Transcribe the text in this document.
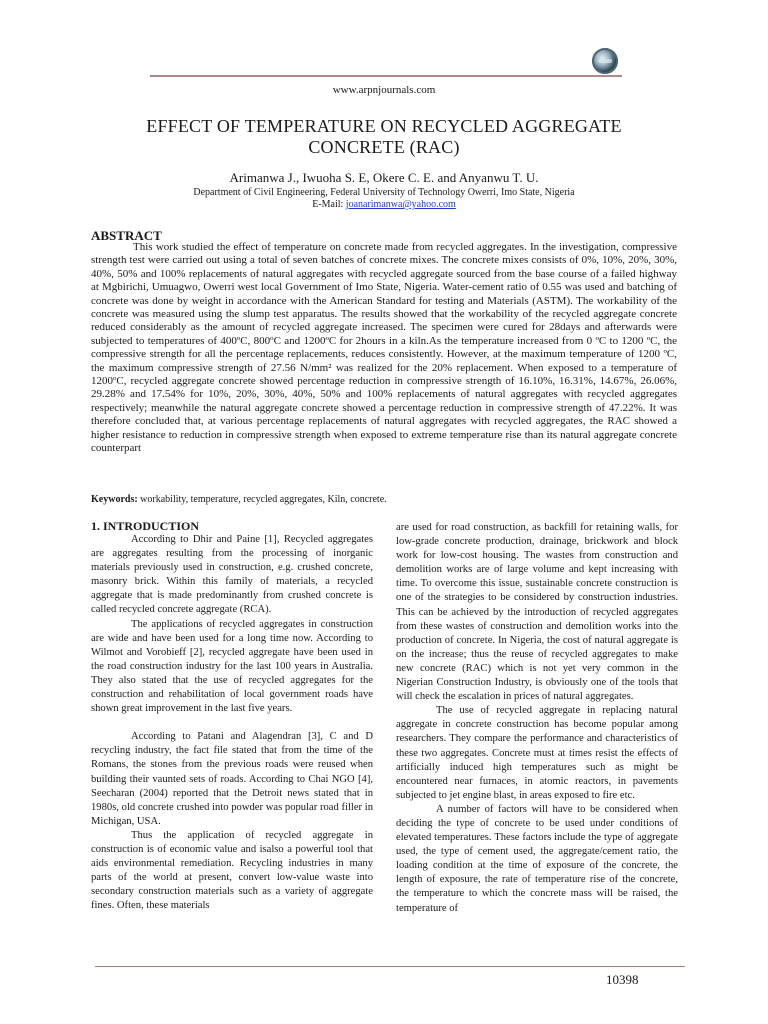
www.arpnjournals.com
EFFECT OF TEMPERATURE ON RECYCLED AGGREGATE
CONCRETE (RAC)
Arimanwa J., Iwuoha S. E, Okere C. E. and Anyanwu T. U.
Department of Civil Engineering, Federal University of Technology Owerri, Imo State, Nigeria
E-Mail: joanarimanwa@yahoo.com
ABSTRACT

This work studied the effect of temperature on concrete made from recycled aggregates. In the investigation, compressive strength test were carried out using a total of seven batches of concrete mixes. The concrete mixes consists of 0%, 10%, 20%, 30%, 40%, 50% and 100% replacements of natural aggregates with recycled aggregate sourced from the base course of a failed highway at Mgbirichi, Umuagwo, Owerri west local Government of Imo State, Nigeria. Water-cement ratio of 0.55 was used and batching of concrete was done by weight in accordance with the American Standard for testing and Materials (ASTM). The workability of the concrete was measured using the slump test apparatus. The results showed that the workability of the recycled aggregate concrete reduced considerably as the amount of recycled aggregate increased. The specimen were cured for 28days and afterwards were subjected to temperatures of 400ºC, 800ºC and 1200ºC for 2hours in a kiln.As the temperature increased from 0 ºC to 1200 ºC, the compressive strength for all the percentage replacements, reduces consistently. However, at the maximum temperature of 1200 ºC, the maximum compressive strength of 27.56 N/mm² was realized for the 20% replacement. When exposed to a temperature of 1200ºC, recycled aggregate concrete showed percentage reduction in compressive strength of 16.10%, 16.31%, 14.67%, 26.06%, 29.28% and 17.54% for 10%, 20%, 30%, 40%, 50% and 100% replacements of natural aggregates with recycled aggregates respectively; meanwhile the natural aggregate concrete showed a percentage reduction in compressive strength of 47.22%. It was therefore concluded that, at various percentage replacements of natural aggregates with recycled aggregates, the RAC showed a higher resistance to reduction in compressive strength when exposed to extreme temperature rise than its natural aggregate concrete counterpart

Keywords: workability, temperature, recycled aggregates, Kiln, concrete.

1. INTRODUCTION

According to Dhir and Paine [1], Recycled aggregates are aggregates resulting from the processing of inorganic materials previously used in construction, e.g. crushed concrete, masonry brick. Within this family of materials, a recycled aggregate that is made predominantly from crushed concrete is called recycled concrete aggregate (RCA).

The applications of recycled aggregates in construction are wide and have been used for a long time now. According to Wilmot and Vorobieff [2], recycled aggregate have been used in the road construction industry for the last 100 years in Australia. They also stated that the use of recycled aggregates for the construction and rehabilitation of local government roads have shown great improvement in the last five years.

According to Patani and Alagendran [3], C and D recycling industry, the fact file stated that from the time of the Romans, the stones from the previous roads were reused when building their vaunted sets of roads. According to Chai NGO [4], Seecharan (2004) reported that the Detroit news stated that in 1980s, old concrete crushed into powder was popular road filler in Michigan, USA.

Thus the application of recycled aggregate in construction is of economic value and isalso a powerful tool that aids environmental remediation. Recycling industries in many parts of the world at present, convert low-value waste into secondary construction materials such as a variety of aggregate fines. Often, these materials

are used for road construction, as backfill for retaining walls, for low-grade concrete production, drainage, brickwork and block work for low-cost housing. The wastes from construction and demolition works are of large volume and kept increasing with time. To overcome this issue, sustainable concrete construction is one of the strategies to be considered by construction industries. This can be achieved by the introduction of recycled aggregates from these wastes of construction and demolition works into the production of concrete. In Nigeria, the cost of natural aggregate is on the increase; thus the reuse of recycled aggregates to make new concrete (RAC) which is not yet very common in the Nigerian Construction Industry, is obviously one of the tools that will check the escalation in prices of natural aggregates.

The use of recycled aggregate in replacing natural aggregate in concrete construction has become popular among researchers. They compare the performance and characteristics of these two aggregates. Concrete must at times resist the effects of artificially induced high temperatures such as might be encountered near furnaces, in atomic reactors, in pavements subjected to jet engine blast, in areas exposed to fire etc.

A number of factors will have to be considered when deciding the type of concrete to be used under conditions of elevated temperatures. These factors include the type of aggregate used, the type of cement used, the aggregate/cement ratio, the loading condition at the time of exposure of the concrete, the length of exposure, the rate of temperature rise of the concrete, the temperature to which the concrete mass will be raised, the temperature of

10398
